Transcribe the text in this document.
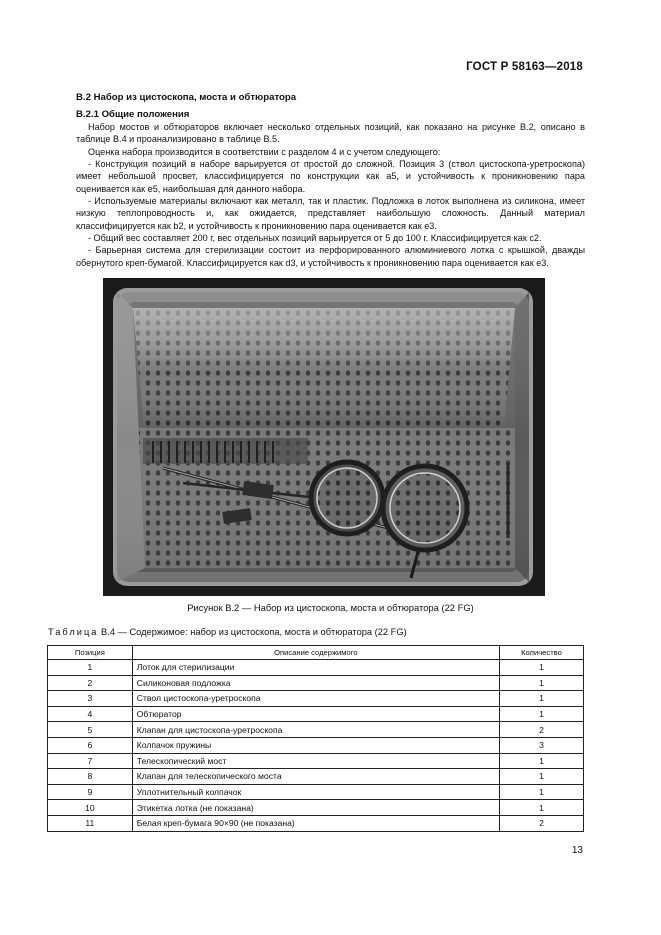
ГОСТ Р 58163—2018
В.2 Набор из цистоскопа, моста и обтюратора
В.2.1 Общие положения

Набор мостов и обтюраторов включает несколько отдельных позиций, как показано на рисунке В.2, описано в таблице В.4 и проанализировано в таблице В.5.

Оценка набора производится в соответствии с разделом 4 и с учетом следующего:

- Конструкция позиций в наборе варьируется от простой до сложной. Позиция 3 (ствол цистоскопа-уретроскопа) имеет небольшой просвет, классифицируется по конструкции как а5, и устойчивость к проникновению пара оценивается как е5, наибольшая для данного набора.

- Используемые материалы включают как металл, так и пластик. Подложка в лоток выполнена из силикона, имеет низкую теплопроводность и, как ожидается, представляет наибольшую сложность. Данный материал классифицируется как b2, и устойчивость к проникновению пара оценивается как е3.

- Общий вес составляет 200 г, вес отдельных позиций варьируется от 5 до 100 г. Классифицируется как с2.

- Барьерная система для стерилизации состоит из перфорированного алюминиевого лотка с крышкой, дважды обернутого креп-бумагой. Классифицируется как d3, и устойчивость к проникновению пара оценивается как е3.

Рисунок В.2 — Набор из цистоскопа, моста и обтюратора (22 FG)
Таблица В.4 — Содержимое: набор из цистоскопа, моста и обтюратора (22 FG)
Позиция	Описание содержимого	Количество
1	Лоток для стерилизации	1
2	Силиконовая подложка	1
3	Ствол цистоскопа-уретроскопа	1
4	Обтюратор	1
5	Клапан для цистоскопа-уретроскопа	2
6	Колпачок пружины	3
7	Телескопический мост	1
8	Клапан для телескопического моста	1
9	Уплотнительный колпачок	1
10	Этикетка лотка (не показана)	1
11	Белая креп-бумага 90×90 (не показана)	2
13
